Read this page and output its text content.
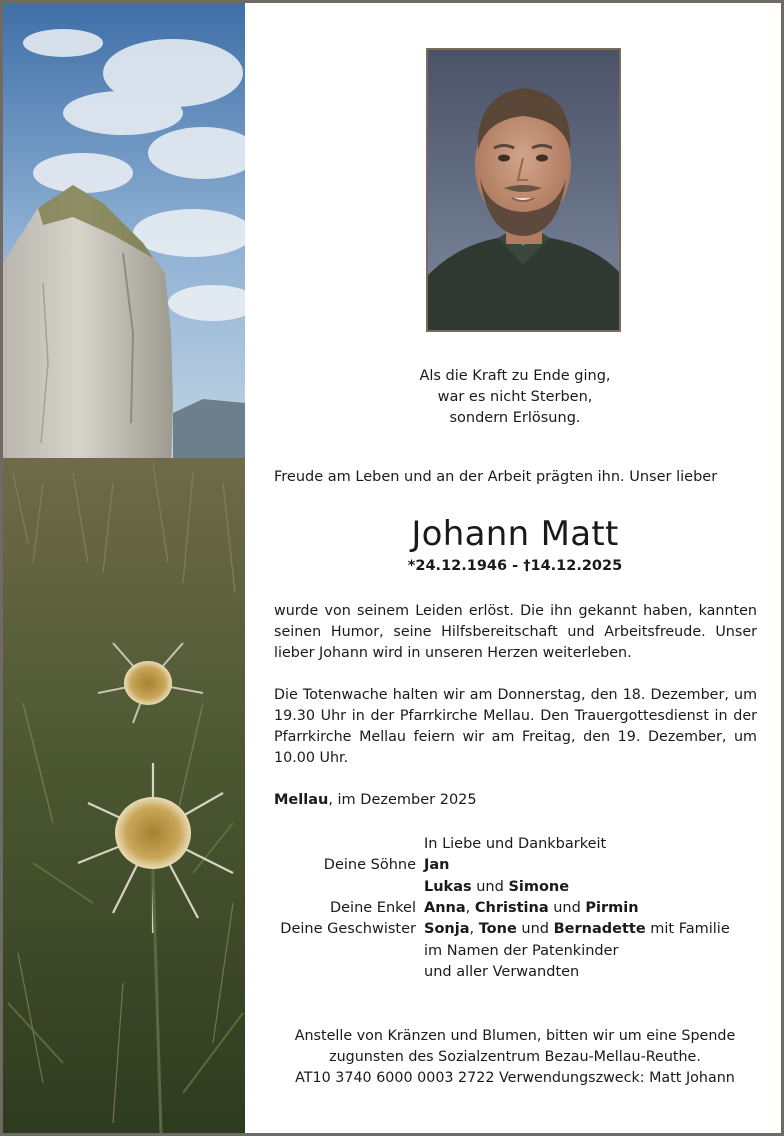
Als die Kraft zu Ende ging,
war es nicht Sterben,
sondern Erlösung.
Freude am Leben und an der Arbeit prägten ihn. Unser lieber
Johann Matt
*24.12.1946 - †14.12.2025
wurde von seinem Leiden erlöst. Die ihn gekannt haben, kannten seinen Humor, seine Hilfsbereitschaft und Arbeitsfreude. Unser lieber Johann wird in unseren Herzen weiterleben.
Die Totenwache halten wir am Donnerstag, den 18. Dezember, um 19.30 Uhr in der Pfarrkirche Mellau. Den Trauergottesdienst in der Pfarrkirche Mellau feiern wir am Freitag, den 19. Dezember, um 10.00 Uhr.
Mellau, im Dezember 2025
In Liebe und Dankbarkeit
Deine Söhne Jan
Lukas und Simone
Deine Enkel Anna, Christina und Pirmin
Deine Geschwister Sonja, Tone und Bernadette mit Familie
im Namen der Patenkinder
und aller Verwandten
Anstelle von Kränzen und Blumen, bitten wir um eine Spende
zugunsten des Sozialzentrum Bezau-Mellau-Reuthe.
AT10 3740 6000 0003 2722 Verwendungszweck: Matt Johann
